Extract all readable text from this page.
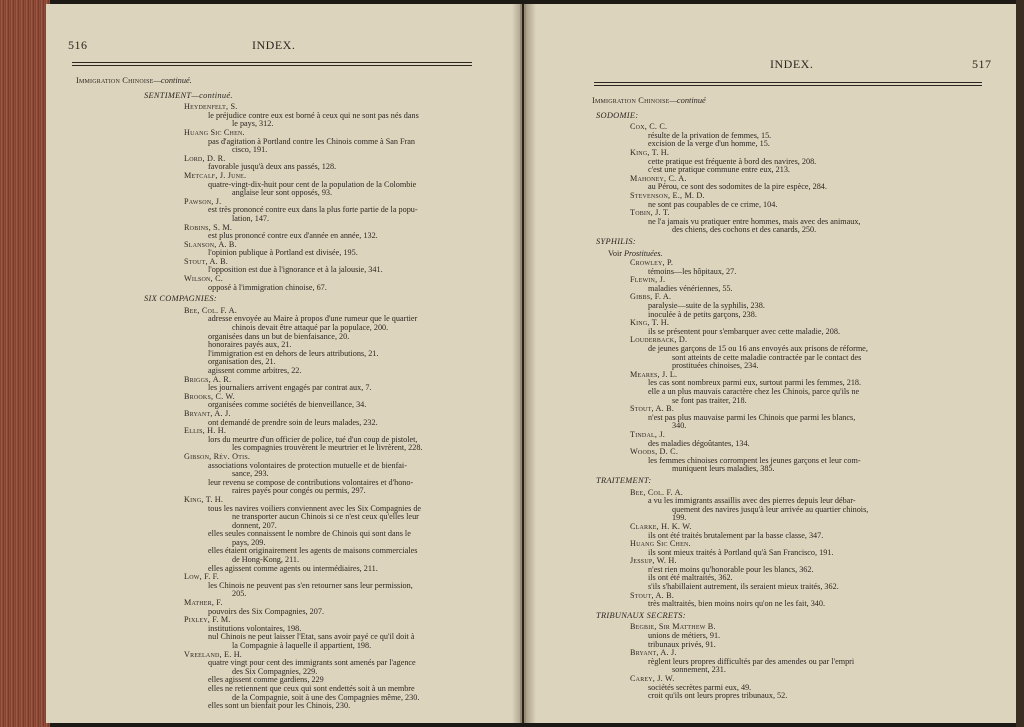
516	INDEX.
Immigration Chinoise—continué.
SENTIMENT—continué.
Heydenfelt, S.
le préjudice contre eux est borné à ceux qui ne sont pas nés dans
le pays, 312.
Huang Sic Chen.
pas d'agitation à Portland contre les Chinois comme à San Fran
cisco, 191.
Lord, D. R.
favorable jusqu'à deux ans passés, 128.
Metcalf, J. June.
quatre-vingt-dix-huit pour cent de la population de la Colombie
anglaise leur sont opposés, 93.
Pawson, J.
est très prononcé contre eux dans la plus forte partie de la popu-
lation, 147.
Robins, S. M.
est plus prononcé contre eux d'année en année, 132.
Slanson, A. B.
l'opinion publique à Portland est divisée, 195.
Stout, A. B.
l'opposition est due à l'ignorance et à la jalousie, 341.
Wilson, C.
opposé à l'immigration chinoise, 67.
SIX COMPAGNIES:
Bee, Col. F. A.
adresse envoyée au Maire à propos d'une rumeur que le quartier
chinois devait être attaqué par la populace, 200.
organisées dans un but de bienfaisance, 20.
honoraires payés aux, 21.
l'immigration est en dehors de leurs attributions, 21.
organisation des, 21.
agissent comme arbitres, 22.
Briggs, A. R.
les journaliers arrivent engagés par contrat aux, 7.
Brooks, C. W.
organisées comme sociétés de bienveillance, 34.
Bryant, A. J.
ont demandé de prendre soin de leurs malades, 232.
Ellis, H. H.
lors du meurtre d'un officier de police, tué d'un coup de pistolet,
les compagnies trouvèrent le meurtrier et le livrèrent, 228.
Gibson, Rév. Otis.
associations volontaires de protection mutuelle et de bienfai-
sance, 293.
leur revenu se compose de contributions volontaires et d'hono-
raires payés pour congés ou permis, 297.
King, T. H.
tous les navires voiliers conviennent avec les Six Compagnies de
ne transporter aucun Chinois si ce n'est ceux qu'elles leur
donnent, 207.
elles seules connaissent le nombre de Chinois qui sont dans le
pays, 209.
elles étaient originairement les agents de maisons commerciales
de Hong-Kong, 211.
elles agissent comme agents ou intermédiaires, 211.
Low, F. F.
les Chinois ne peuvent pas s'en retourner sans leur permission,
205.
Mather, F.
pouvoirs des Six Compagnies, 207.
Pixley, F. M.
institutions volontaires, 198.
nul Chinois ne peut laisser l'Etat, sans avoir payé ce qu'il doit à
la Compagnie à laquelle il appartient, 198.
Vreeland, E. H.
quatre vingt pour cent des immigrants sont amenés par l'agence
des Six Compagnies, 229.
elles agissent comme gardiens, 229
elles ne retiennent que ceux qui sont endettés soit à un membre
de la Compagnie, soit à une des Compagnies même, 230.
elles sont un bienfait pour les Chinois, 230.
INDEX.	517
Immigration Chinoise—continué
SODOMIE:
Cox, C. C.
résulte de la privation de femmes, 15.
excision de la verge d'un homme, 15.
King, T. H.
cette pratique est fréquente à bord des navires, 208.
c'est une pratique commune entre eux, 213.
Mahoney, C. A.
au Pérou, ce sont des sodomites de la pire espèce, 284.
Stevenson, E., M. D.
ne sont pas coupables de ce crime, 104.
Tobin, J. T.
ne l'a jamais vu pratiquer entre hommes, mais avec des animaux,
des chiens, des cochons et des canards, 250.
SYPHILIS:
Voir Prostituées.
Crowley, P.
témoins—les hôpitaux, 27.
Flewin, J.
maladies vénériennes, 55.
Gibbs, F. A.
paralysie—suite de la syphilis, 238.
inoculée à de petits garçons, 238.
King, T. H.
ils se présentent pour s'embarquer avec cette maladie, 208.
Louderback, D.
de jeunes garçons de 15 ou 16 ans envoyés aux prisons de réforme,
sont atteints de cette maladie contractée par le contact des
prostituées chinoises, 234.
Meares, J. L.
les cas sont nombreux parmi eux, surtout parmi les femmes, 218.
elle a un plus mauvais caractère chez les Chinois, parce qu'ils ne
se font pas traiter, 218.
Stout, A. B.
n'est pas plus mauvaise parmi les Chinois que parmi les blancs,
340.
Tindal, J.
des maladies dégoûtantes, 134.
Woods, D. C.
les femmes chinoises corrompent les jeunes garçons et leur com-
muniquent leurs maladies, 385.
TRAITEMENT:
Bee, Col. F. A.
a vu les immigrants assaillis avec des pierres depuis leur débar-
quement des navires jusqu'à leur arrivée au quartier chinois,
199.
Clarke, H. K. W.
ils ont été traités brutalement par la basse classe, 347.
Huang Sic Chen.
ils sont mieux traités à Portland qu'à San Francisco, 191.
Jessup, W. H.
n'est rien moins qu'honorable pour les blancs, 362.
ils ont été maltraités, 362.
s'ils s'habillaient autrement, ils seraient mieux traités, 362.
Stout, A. B.
très maltraités, bien moins noirs qu'on ne les fait, 340.
TRIBUNAUX SECRETS:
Begbie, Sir Matthew B.
unions de métiers, 91.
tribunaux privés, 91.
Bryant, A. J.
règlent leurs propres difficultés par des amendes ou par l'empri
sonnement, 231.
Carey, J. W.
sociétés secrètes parmi eux, 49.
croit qu'ils ont leurs propres tribunaux, 52.
